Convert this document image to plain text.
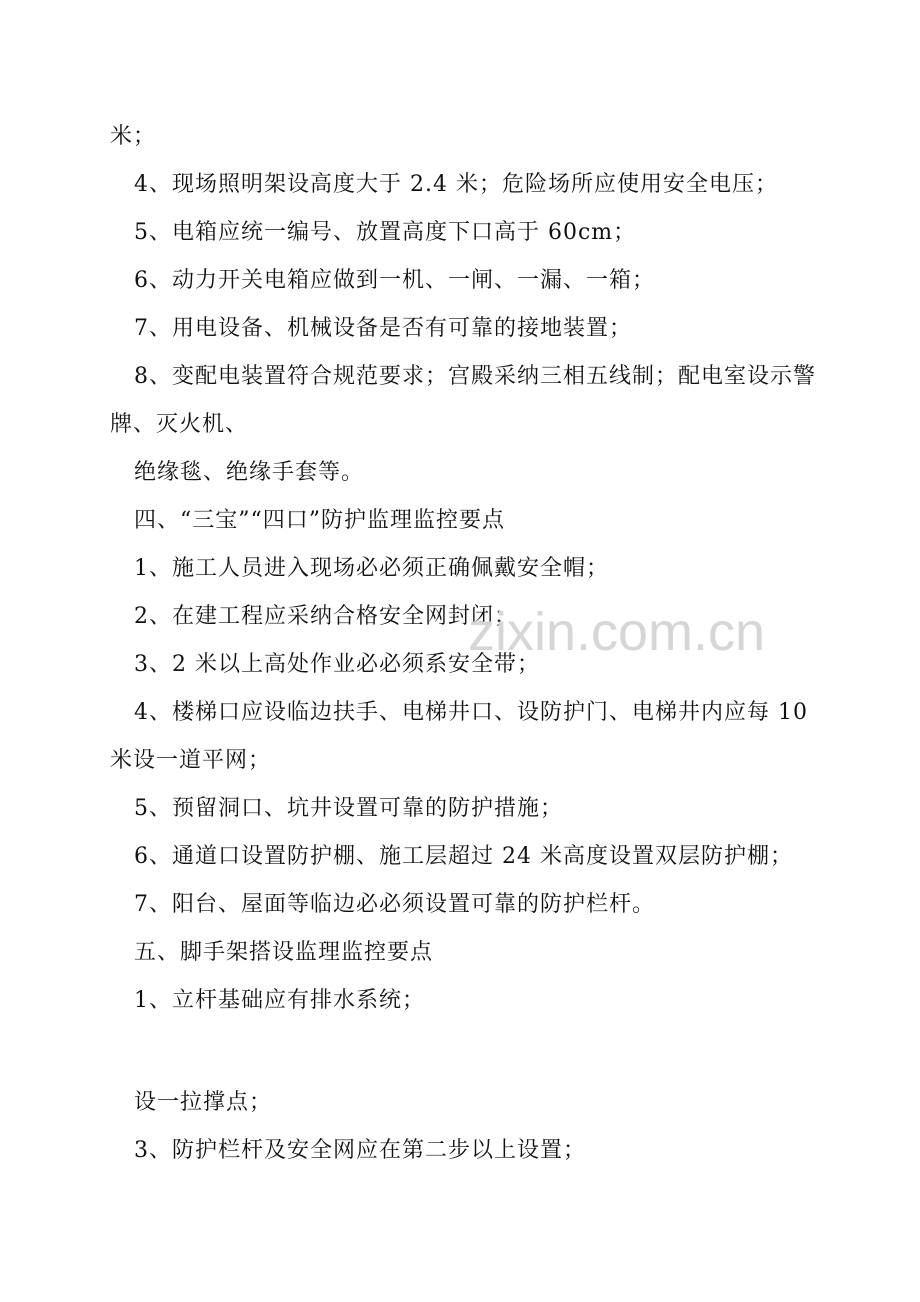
米；
4、现场照明架设高度大于 2.4 米；危险场所应使用安全电压；
5、电箱应统一编号、放置高度下口高于 60cm；
6、动力开关电箱应做到一机、一闸、一漏、一箱；
7、用电设备、机械设备是否有可靠的接地装置；
8、变配电装置符合规范要求；宫殿采纳三相五线制；配电室设示警
牌、灭火机、
绝缘毯、绝缘手套等。
四、“三宝”“四口”防护监理监控要点
1、施工人员进入现场必必须正确佩戴安全帽；
2、在建工程应采纳合格安全网封闭；
3、2 米以上高处作业必必须系安全带；
4、楼梯口应设临边扶手、电梯井口、设防护门、电梯井内应每 10
米设一道平网；
5、预留洞口、坑井设置可靠的防护措施；
6、通道口设置防护棚、施工层超过 24 米高度设置双层防护棚；
7、阳台、屋面等临边必必须设置可靠的防护栏杆。
五、脚手架搭设监理监控要点
1、立杆基础应有排水系统；
设一拉撑点；
3、防护栏杆及安全网应在第二步以上设置；
zixin.com.cn
